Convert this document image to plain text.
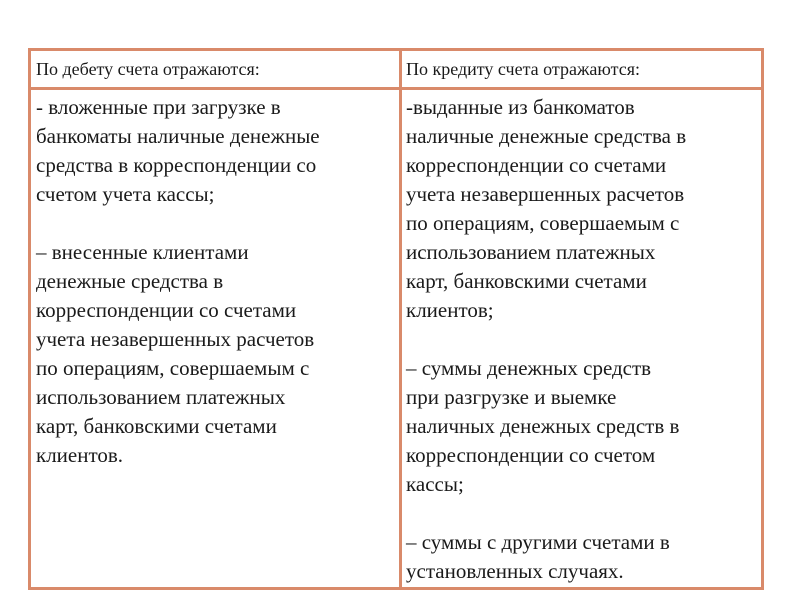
По дебету счета отражаются:	По кредиту счета отражаются:
- вложенные при загрузке в
банкоматы наличные денежные
средства в корреспонденции со
счетом учета кассы;
– внесенные клиентами
денежные средства в
корреспонденции со счетами
учета незавершенных расчетов
по операциям, совершаемым с
использованием платежных
карт, банковскими счетами
клиентов.
-выданные из банкоматов
наличные денежные средства в
корреспонденции со счетами
учета незавершенных расчетов
по операциям, совершаемым с
использованием платежных
карт, банковскими счетами
клиентов;
– суммы денежных средств
при разгрузке и выемке
наличных денежных средств в
корреспонденции со счетом
кассы;
– суммы с другими счетами в
установленных случаях.
